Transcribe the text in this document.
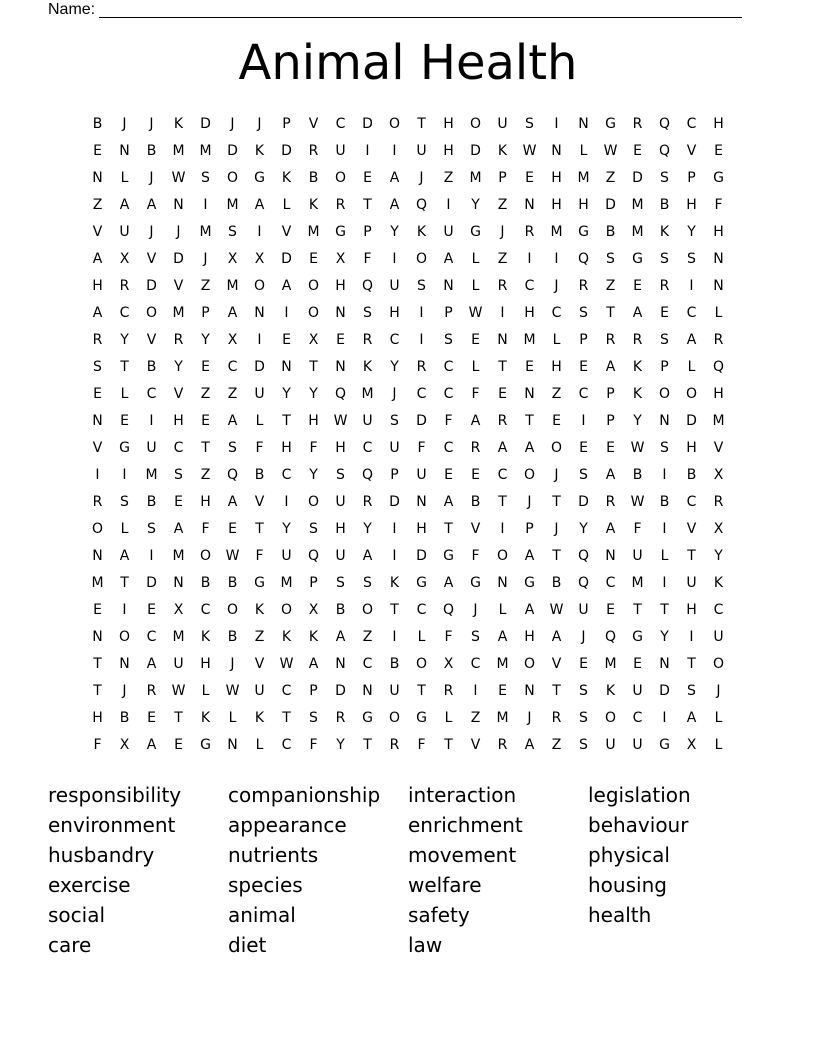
Name:
Animal Health
B	J	J	K	D	J	J	P	V	C	D	O	T	H	O	U	S	I	N	G	R	Q	C	H
E	N	B	M	M	D	K	D	R	U	I	I	U	H	D	K	W	N	L	W	E	Q	V	E
N	L	J	W	S	O	G	K	B	O	E	A	J	Z	M	P	E	H	M	Z	D	S	P	G
Z	A	A	N	I	M	A	L	K	R	T	A	Q	I	Y	Z	N	H	H	D	M	B	H	F
V	U	J	J	M	S	I	V	M	G	P	Y	K	U	G	J	R	M	G	B	M	K	Y	H
A	X	V	D	J	X	X	D	E	X	F	I	O	A	L	Z	I	I	Q	S	G	S	S	N
H	R	D	V	Z	M	O	A	O	H	Q	U	S	N	L	R	C	J	R	Z	E	R	I	N
A	C	O	M	P	A	N	I	O	N	S	H	I	P	W	I	H	C	S	T	A	E	C	L
R	Y	V	R	Y	X	I	E	X	E	R	C	I	S	E	N	M	L	P	R	R	S	A	R
S	T	B	Y	E	C	D	N	T	N	K	Y	R	C	L	T	E	H	E	A	K	P	L	Q
E	L	C	V	Z	Z	U	Y	Y	Q	M	J	C	C	F	E	N	Z	C	P	K	O	O	H
N	E	I	H	E	A	L	T	H	W	U	S	D	F	A	R	T	E	I	P	Y	N	D	M
V	G	U	C	T	S	F	H	F	H	C	U	F	C	R	A	A	O	E	E	W	S	H	V
I	I	M	S	Z	Q	B	C	Y	S	Q	P	U	E	E	C	O	J	S	A	B	I	B	X
R	S	B	E	H	A	V	I	O	U	R	D	N	A	B	T	J	T	D	R	W	B	C	R
O	L	S	A	F	E	T	Y	S	H	Y	I	H	T	V	I	P	J	Y	A	F	I	V	X
N	A	I	M	O	W	F	U	Q	U	A	I	D	G	F	O	A	T	Q	N	U	L	T	Y
M	T	D	N	B	B	G	M	P	S	S	K	G	A	G	N	G	B	Q	C	M	I	U	K
E	I	E	X	C	O	K	O	X	B	O	T	C	Q	J	L	A	W	U	E	T	T	H	C
N	O	C	M	K	B	Z	K	K	A	Z	I	L	F	S	A	H	A	J	Q	G	Y	I	U
T	N	A	U	H	J	V	W	A	N	C	B	O	X	C	M	O	V	E	M	E	N	T	O
T	J	R	W	L	W	U	C	P	D	N	U	T	R	I	E	N	T	S	K	U	D	S	J
H	B	E	T	K	L	K	T	S	R	G	O	G	L	Z	M	J	R	S	O	C	I	A	L
F	X	A	E	G	N	L	C	F	Y	T	R	F	T	V	R	A	Z	S	U	U	G	X	L
responsibility
environment
husbandry
exercise
social
care
companionship
appearance
nutrients
species
animal
diet
interaction
enrichment
movement
welfare
safety
law
legislation
behaviour
physical
housing
health
